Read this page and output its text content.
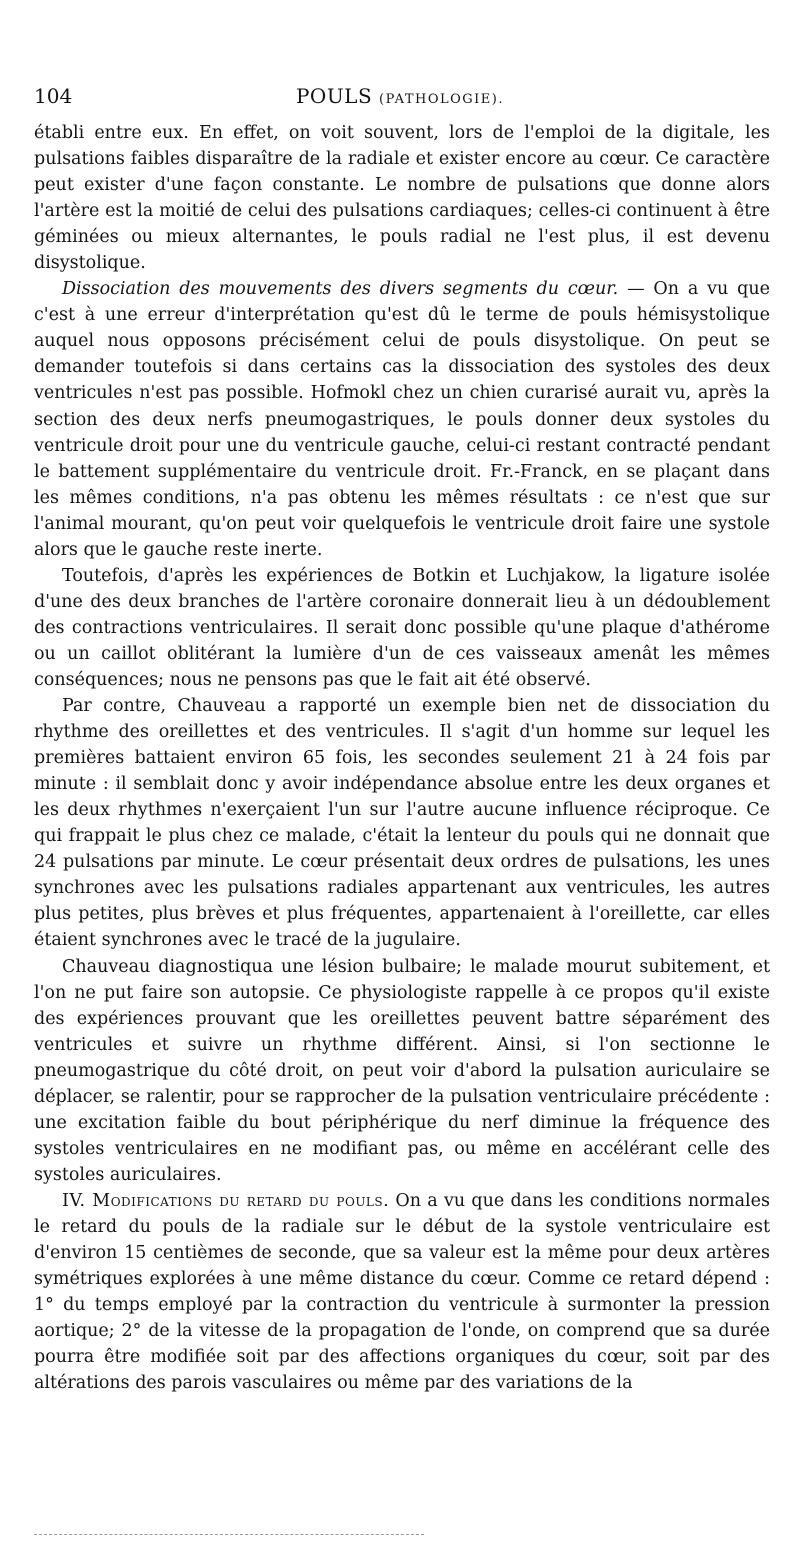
104	POULS (PATHOLOGIE).

établi entre eux. En effet, on voit souvent, lors de l'emploi de la digitale, les pulsations faibles disparaître de la radiale et exister encore au cœur. Ce caractère peut exister d'une façon constante. Le nombre de pulsations que donne alors l'artère est la moitié de celui des pulsations cardiaques; celles-ci continuent à être géminées ou mieux alternantes, le pouls radial ne l'est plus, il est devenu disystolique.

Dissociation des mouvements des divers segments du cœur. — On a vu que c'est à une erreur d'interprétation qu'est dû le terme de pouls hémisystolique auquel nous opposons précisément celui de pouls disystolique. On peut se demander toutefois si dans certains cas la dissociation des systoles des deux ventricules n'est pas possible. Hofmokl chez un chien curarisé aurait vu, après la section des deux nerfs pneumogastriques, le pouls donner deux systoles du ventricule droit pour une du ventricule gauche, celui-ci restant contracté pendant le battement supplémentaire du ventricule droit. Fr.-Franck, en se plaçant dans les mêmes conditions, n'a pas obtenu les mêmes résultats : ce n'est que sur l'animal mourant, qu'on peut voir quelquefois le ventricule droit faire une systole alors que le gauche reste inerte.

Toutefois, d'après les expériences de Botkin et Luchjakow, la ligature isolée d'une des deux branches de l'artère coronaire donnerait lieu à un dédoublement des contractions ventriculaires. Il serait donc possible qu'une plaque d'athérome ou un caillot oblitérant la lumière d'un de ces vaisseaux amenât les mêmes conséquences; nous ne pensons pas que le fait ait été observé.

Par contre, Chauveau a rapporté un exemple bien net de dissociation du rhythme des oreillettes et des ventricules. Il s'agit d'un homme sur lequel les premières battaient environ 65 fois, les secondes seulement 21 à 24 fois par minute : il semblait donc y avoir indépendance absolue entre les deux organes et les deux rhythmes n'exerçaient l'un sur l'autre aucune influence réciproque. Ce qui frappait le plus chez ce malade, c'était la lenteur du pouls qui ne donnait que 24 pulsations par minute. Le cœur présentait deux ordres de pulsations, les unes synchrones avec les pulsations radiales appartenant aux ventricules, les autres plus petites, plus brèves et plus fréquentes, appartenaient à l'oreillette, car elles étaient synchrones avec le tracé de la jugulaire.

Chauveau diagnostiqua une lésion bulbaire; le malade mourut subitement, et l'on ne put faire son autopsie. Ce physiologiste rappelle à ce propos qu'il existe des expériences prouvant que les oreillettes peuvent battre séparément des ventricules et suivre un rhythme différent. Ainsi, si l'on sectionne le pneumogastrique du côté droit, on peut voir d'abord la pulsation auriculaire se déplacer, se ralentir, pour se rapprocher de la pulsation ventriculaire précédente : une excitation faible du bout périphérique du nerf diminue la fréquence des systoles ventriculaires en ne modifiant pas, ou même en accélérant celle des systoles auriculaires.

IV. Modifications du retard du pouls. On a vu que dans les conditions normales le retard du pouls de la radiale sur le début de la systole ventriculaire est d'environ 15 centièmes de seconde, que sa valeur est la même pour deux artères symétriques explorées à une même distance du cœur. Comme ce retard dépend : 1° du temps employé par la contraction du ventricule à surmonter la pression aortique; 2° de la vitesse de la propagation de l'onde, on comprend que sa durée pourra être modifiée soit par des affections organiques du cœur, soit par des altérations des parois vasculaires ou même par des variations de la
